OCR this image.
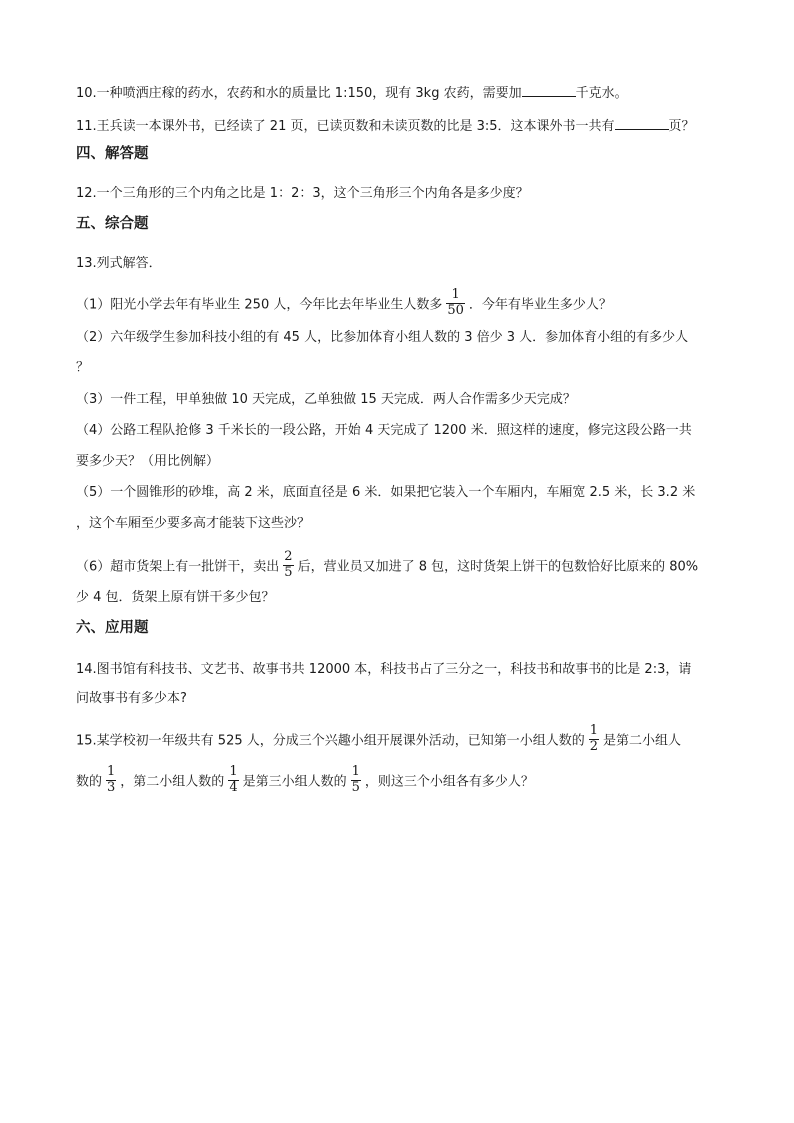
10.一种喷洒庄稼的药水，农药和水的质量比 1:150，现有 3kg 农药，需要加	千克水。
11.王兵读一本课外书，已经读了 21 页，已读页数和未读页数的比是 3:5．这本课外书一共有	页？
四、解答题
12.一个三角形的三个内角之比是 1：2：3，这个三角形三个内角各是多少度？
五、综合题
13.列式解答．
（1）阳光小学去年有毕业生 250 人，今年比去年毕业生人数多 $\frac{1}{50}$ ．今年有毕业生多少人？
（2）六年级学生参加科技小组的有 45 人，比参加体育小组人数的 3 倍少 3 人．参加体育小组的有多少人
？
（3）一件工程，甲单独做 10 天完成，乙单独做 15 天完成．两人合作需多少天完成？
（4）公路工程队抢修 3 千米长的一段公路，开始 4 天完成了 1200 米．照这样的速度，修完这段公路一共
要多少天？（用比例解）
（5）一个圆锥形的砂堆，高 2 米，底面直径是 6 米．如果把它装入一个车厢内，车厢宽 2.5 米，长 3.2 米
，这个车厢至少要多高才能装下这些沙？
（6）超市货架上有一批饼干，卖出 $\frac{2}{5}$ 后，营业员又加进了 8 包，这时货架上饼干的包数恰好比原来的 80%
少 4 包．货架上原有饼干多少包？
六、应用题
14.图书馆有科技书、文艺书、故事书共 12000 本，科技书占了三分之一，科技书和故事书的比是 2:3，请
问故事书有多少本?
15.某学校初一年级共有 525 人，分成三个兴趣小组开展课外活动，已知第一小组人数的 $\frac{1}{2}$ 是第二小组人
数的 $\frac{1}{3}$ ，第二小组人数的 $\frac{1}{4}$ 是第三小组人数的 $\frac{1}{5}$ ，则这三个小组各有多少人？
